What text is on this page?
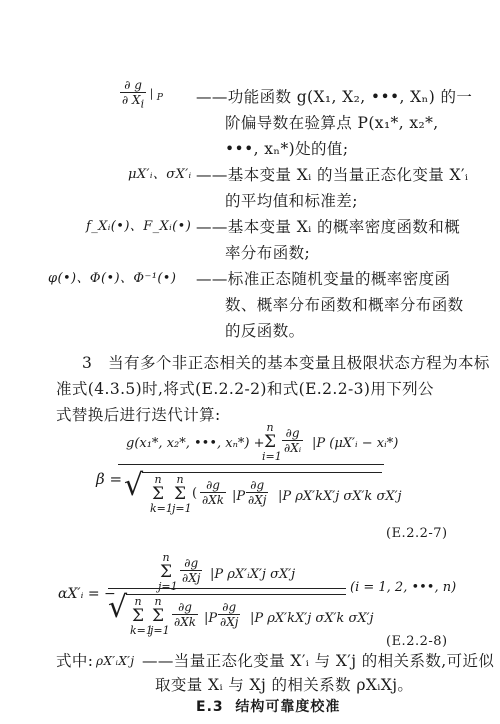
$\frac{\partial g}{\partial X_i}$ | $_P$ ——功能函数 g(X₁, X₂, •••, Xₙ) 的一
阶偏导数在验算点 P(x₁*, x₂*,
•••, xₙ*)处的值;
μX′ᵢ、σX′ᵢ ——基本变量 Xᵢ 的当量正态化变量 X′ᵢ
的平均值和标准差;
f_Xᵢ(•)、F_Xᵢ(•) ——基本变量 Xᵢ 的概率密度函数和概
率分布函数;
φ(•)、Φ(•)、Φ⁻¹(•) ——标准正态随机变量的概率密度函
数、概率分布函数和概率分布函数
的反函数。
3　当有多个非正态相关的基本变量且极限状态方程为本标
准式(4.3.5)时,将式(E.2.2-2)和式(E.2.2-3)用下列公
式替换后进行迭代计算:
β =
g(x₁*, x₂*, •••, xₙ*) +
n
Σ
i=1
$\frac{\partial g}{\text{∂Xᵢ}} |P$ (μX′ᵢ − xᵢ*)
√	n
Σ
k=1
n
Σ
j=1
( $\frac{\partial g}{\partial Xk} |P \frac{\partial g}{\partial Xj} |P$ ρX′kX′j σX′k σX′j
(E.2.2-7)
αX′ᵢ = −
n
Σ
j=1
$\frac{\partial g}{\partial Xj} |P$ ρX′ᵢX′j σX′j
√ n
Σ
k=1
n
Σ
j=1
$\frac{\partial g}{\partial Xk} |P \frac{\partial g}{\partial Xj} |P$ ρX′kX′j σX′k σX′j
(i = 1, 2, •••, n)
(E.2.2-8)
式中: ρX′ᵢX′j ——当量正态化变量 X′ᵢ 与 X′j 的相关系数,可近似
取变量 Xᵢ 与 Xj 的相关系数 ρXᵢXj。
E.3 结构可靠度校准
